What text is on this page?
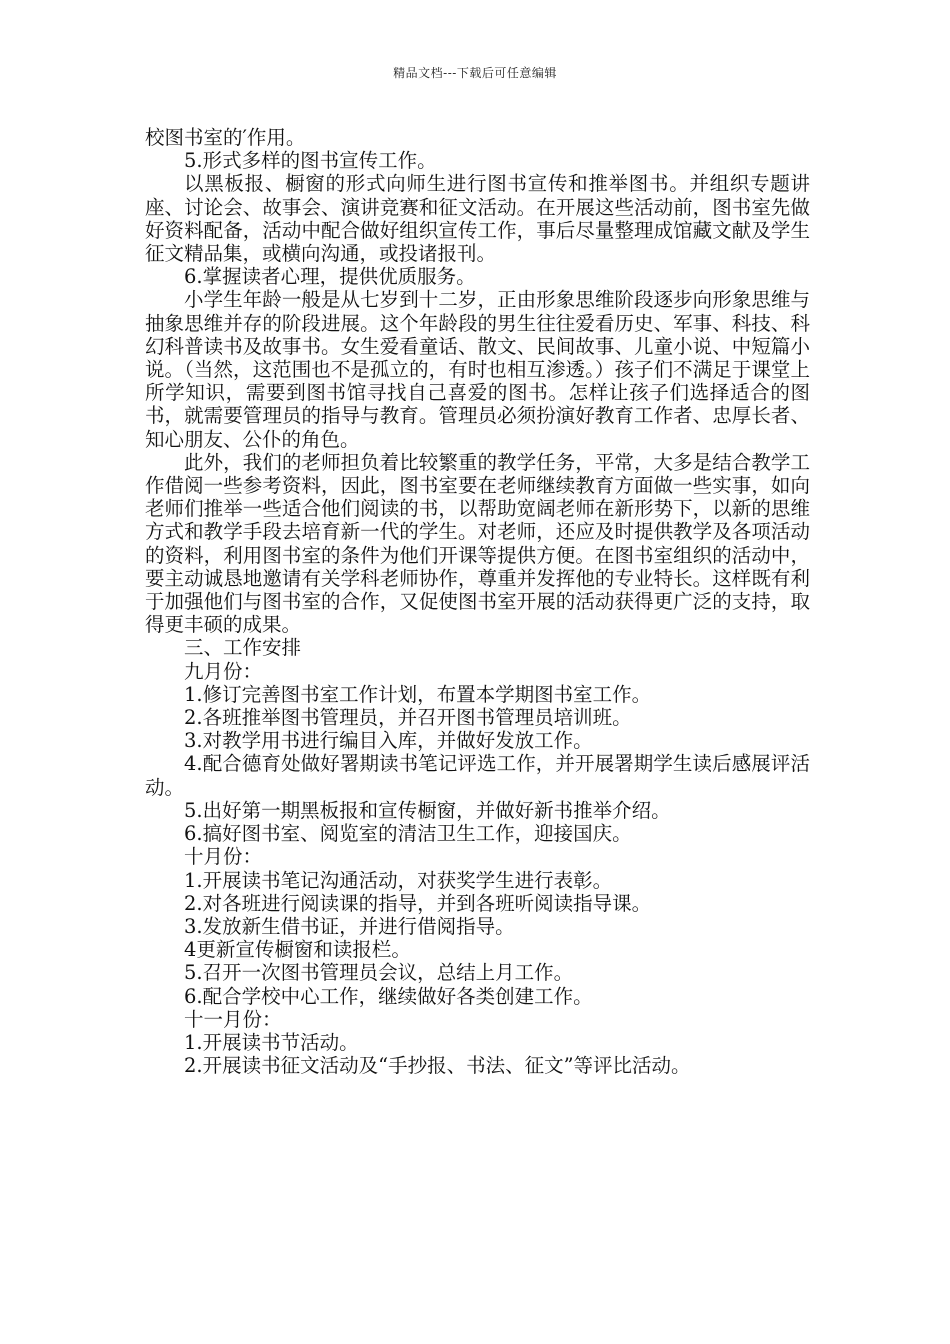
精品文档---下载后可任意编辑

校图书室的′作用。

5.形式多样的图书宣传工作。

以黑板报、橱窗的形式向师生进行图书宣传和推举图书。并组织专题讲座、讨论会、故事会、演讲竞赛和征文活动。在开展这些活动前，图书室先做好资料配备，活动中配合做好组织宣传工作，事后尽量整理成馆藏文献及学生征文精品集，或横向沟通，或投诸报刊。

6.掌握读者心理，提供优质服务。

小学生年龄一般是从七岁到十二岁，正由形象思维阶段逐步向形象思维与抽象思维并存的阶段进展。这个年龄段的男生往往爱看历史、军事、科技、科幻科普读书及故事书。女生爱看童话、散文、民间故事、儿童小说、中短篇小说。（当然，这范围也不是孤立的，有时也相互渗透。）孩子们不满足于课堂上所学知识，需要到图书馆寻找自己喜爱的图书。怎样让孩子们选择适合的图书，就需要管理员的指导与教育。管理员必须扮演好教育工作者、忠厚长者、知心朋友、公仆的角色。

此外，我们的老师担负着比较繁重的教学任务，平常，大多是结合教学工作借阅一些参考资料，因此，图书室要在老师继续教育方面做一些实事，如向老师们推举一些适合他们阅读的书，以帮助宽阔老师在新形势下，以新的思维方式和教学手段去培育新一代的学生。对老师，还应及时提供教学及各项活动的资料，利用图书室的条件为他们开课等提供方便。在图书室组织的活动中，要主动诚恳地邀请有关学科老师协作，尊重并发挥他的专业特长。这样既有利于加强他们与图书室的合作，又促使图书室开展的活动获得更广泛的支持，取得更丰硕的成果。

三、工作安排

九月份：

1.修订完善图书室工作计划，布置本学期图书室工作。

2.各班推举图书管理员，并召开图书管理员培训班。

3.对教学用书进行编目入库，并做好发放工作。

4.配合德育处做好署期读书笔记评选工作，并开展署期学生读后感展评活动。

5.出好第一期黑板报和宣传橱窗，并做好新书推举介绍。

6.搞好图书室、阅览室的清洁卫生工作，迎接国庆。

十月份：

1.开展读书笔记沟通活动，对获奖学生进行表彰。

2.对各班进行阅读课的指导，并到各班听阅读指导课。

3.发放新生借书证，并进行借阅指导。

4更新宣传橱窗和读报栏。

5.召开一次图书管理员会议，总结上月工作。

6.配合学校中心工作，继续做好各类创建工作。

十一月份：

1.开展读书节活动。

2.开展读书征文活动及“手抄报、书法、征文”等评比活动。
